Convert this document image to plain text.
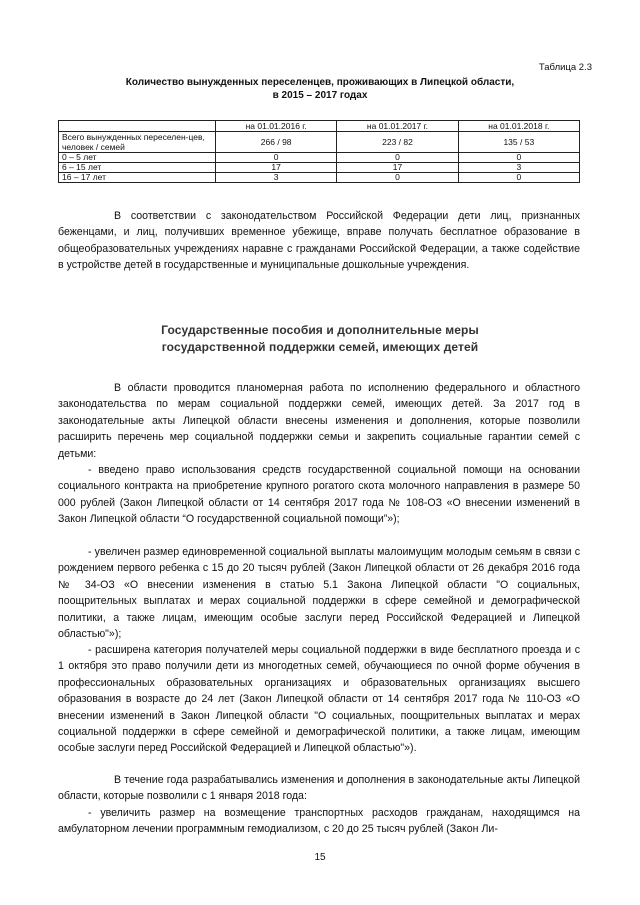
Таблица 2.3
Количество вынужденных переселенцев, проживающих в Липецкой области,
в 2015 – 2017 годах
	на 01.01.2016 г.	на 01.01.2017 г.	на 01.01.2018 г.
Всего вынужденных переселен-цев, человек / семей	266 / 98	223 / 82	135 / 53
0 – 5 лет	0	0	0
6 – 15 лет	17	17	3
16 – 17 лет	3	0	0

В соответствии с законодательством Российской Федерации дети лиц, признанных беженцами, и лиц, получивших временное убежище, вправе получать бесплатное образование в общеобразовательных учреждениях наравне с гражданами Российской Федерации, а также содействие в устройстве детей в государственные и муниципальные дошкольные учреждения.

Государственные пособия и дополнительные меры
государственной поддержки семей, имеющих детей

В области проводится планомерная работа по исполнению федерального и областного законодательства по мерам социальной поддержки семей, имеющих детей. За 2017 год в законодательные акты Липецкой области внесены изменения и дополнения, которые позволили расширить перечень мер социальной поддержки семьи и закрепить социальные гарантии семей с детьми:

- введено право использования средств государственной социальной помощи на основании социального контракта на приобретение крупного рогатого скота молочного направления в размере 50 000 рублей (Закон Липецкой области от 14 сентября 2017 года № 108-ОЗ «О внесении изменений в Закон Липецкой области “О государственной социальной помощи”»);

- увеличен размер единовременной социальной выплаты малоимущим молодым семьям в связи с рождением первого ребенка с 15 до 20 тысяч рублей (Закон Липецкой области от 26 декабря 2016 года № 34-ОЗ «О внесении изменения в статью 5.1 Закона Липецкой области "О социальных, поощрительных выплатах и мерах социальной поддержки в сфере семейной и демографической политики, а также лицам, имеющим особые заслуги перед Российской Федерацией и Липецкой областью"»);

- расширена категория получателей меры социальной поддержки в виде бесплатного проезда и с 1 октября это право получили дети из многодетных семей, обучающиеся по очной форме обучения в профессиональных образовательных организациях и образовательных организациях высшего образования в возрасте до 24 лет (Закон Липецкой области от 14 сентября 2017 года № 110-ОЗ «О внесении изменений в Закон Липецкой области "О социальных, поощрительных выплатах и мерах социальной поддержки в сфере семейной и демографической политики, а также лицам, имеющим особые заслуги перед Российской Федерацией и Липецкой областью"»).

В течение года разрабатывались изменения и дополнения в законодательные акты Липецкой области, которые позволили с 1 января 2018 года:

- увеличить размер на возмещение транспортных расходов гражданам, находящимся на амбулаторном лечении программным гемодиализом, с 20 до 25 тысяч рублей (Закон Ли-

15
